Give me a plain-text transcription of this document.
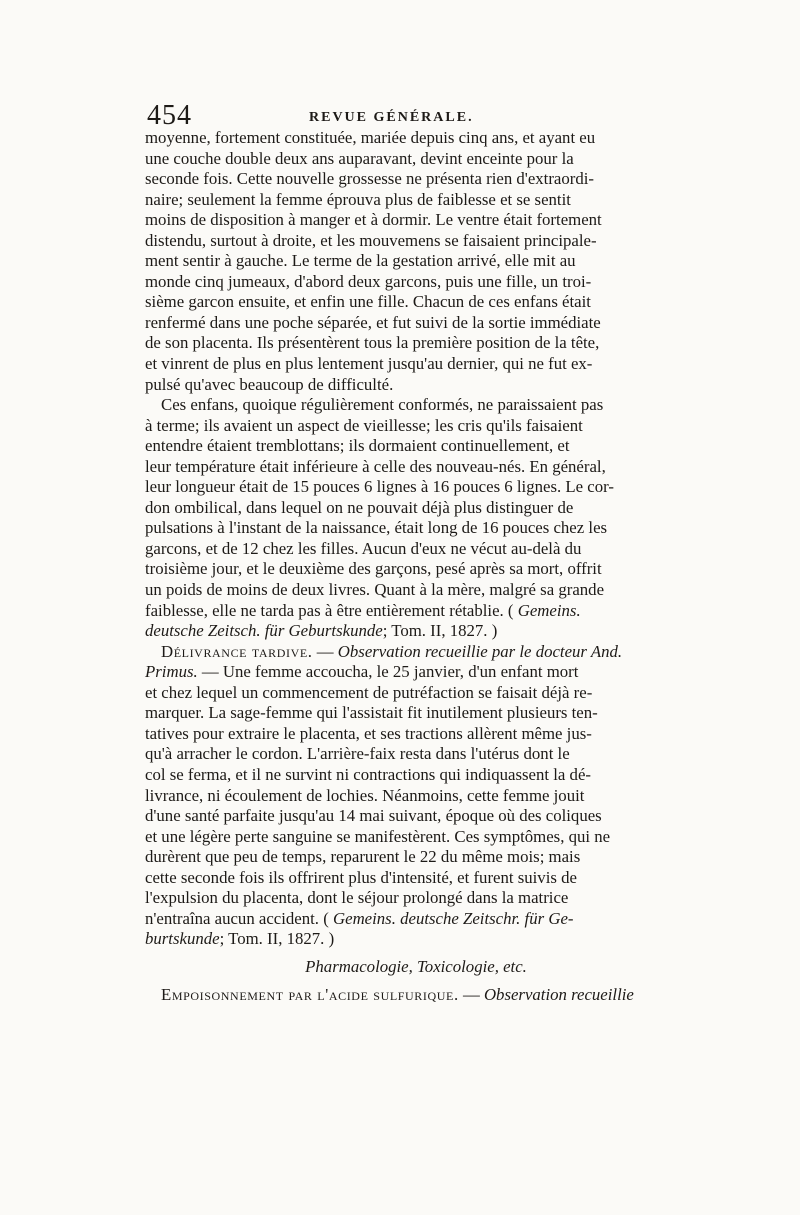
454	REVUE GÉNÉRALE.
moyenne, fortement constituée, mariée depuis cinq ans, et ayant eu
une couche double deux ans auparavant, devint enceinte pour la
seconde fois. Cette nouvelle grossesse ne présenta rien d'extraordi-
naire; seulement la femme éprouva plus de faiblesse et se sentit
moins de disposition à manger et à dormir. Le ventre était fortement
distendu, surtout à droite, et les mouvemens se faisaient principale-
ment sentir à gauche. Le terme de la gestation arrivé, elle mit au
monde cinq jumeaux, d'abord deux garcons, puis une fille, un troi-
sième garcon ensuite, et enfin une fille. Chacun de ces enfans était
renfermé dans une poche séparée, et fut suivi de la sortie immédiate
de son placenta. Ils présentèrent tous la première position de la tête,
et vinrent de plus en plus lentement jusqu'au dernier, qui ne fut ex-
pulsé qu'avec beaucoup de difficulté.
Ces enfans, quoique régulièrement conformés, ne paraissaient pas
à terme; ils avaient un aspect de vieillesse; les cris qu'ils faisaient
entendre étaient tremblottans; ils dormaient continuellement, et
leur température était inférieure à celle des nouveau-nés. En général,
leur longueur était de 15 pouces 6 lignes à 16 pouces 6 lignes. Le cor-
don ombilical, dans lequel on ne pouvait déjà plus distinguer de
pulsations à l'instant de la naissance, était long de 16 pouces chez les
garcons, et de 12 chez les filles. Aucun d'eux ne vécut au-delà du
troisième jour, et le deuxième des garçons, pesé après sa mort, offrit
un poids de moins de deux livres. Quant à la mère, malgré sa grande
faiblesse, elle ne tarda pas à être entièrement rétablie. ( Gemeins.
deutsche Zeitsch. für Geburtskunde; Tom. II, 1827. )
Délivrance tardive. — Observation recueillie par le docteur And.
Primus. — Une femme accoucha, le 25 janvier, d'un enfant mort
et chez lequel un commencement de putréfaction se faisait déjà re-
marquer. La sage-femme qui l'assistait fit inutilement plusieurs ten-
tatives pour extraire le placenta, et ses tractions allèrent même jus-
qu'à arracher le cordon. L'arrière-faix resta dans l'utérus dont le
col se ferma, et il ne survint ni contractions qui indiquassent la dé-
livrance, ni écoulement de lochies. Néanmoins, cette femme jouit
d'une santé parfaite jusqu'au 14 mai suivant, époque où des coliques
et une légère perte sanguine se manifestèrent. Ces symptômes, qui ne
durèrent que peu de temps, reparurent le 22 du même mois; mais
cette seconde fois ils offrirent plus d'intensité, et furent suivis de
l'expulsion du placenta, dont le séjour prolongé dans la matrice
n'entraîna aucun accident. ( Gemeins. deutsche Zeitschr. für Ge-
burtskunde; Tom. II, 1827. )
Pharmacologie, Toxicologie, etc.
Empoisonnement par l'acide sulfurique. — Observation recueillie
